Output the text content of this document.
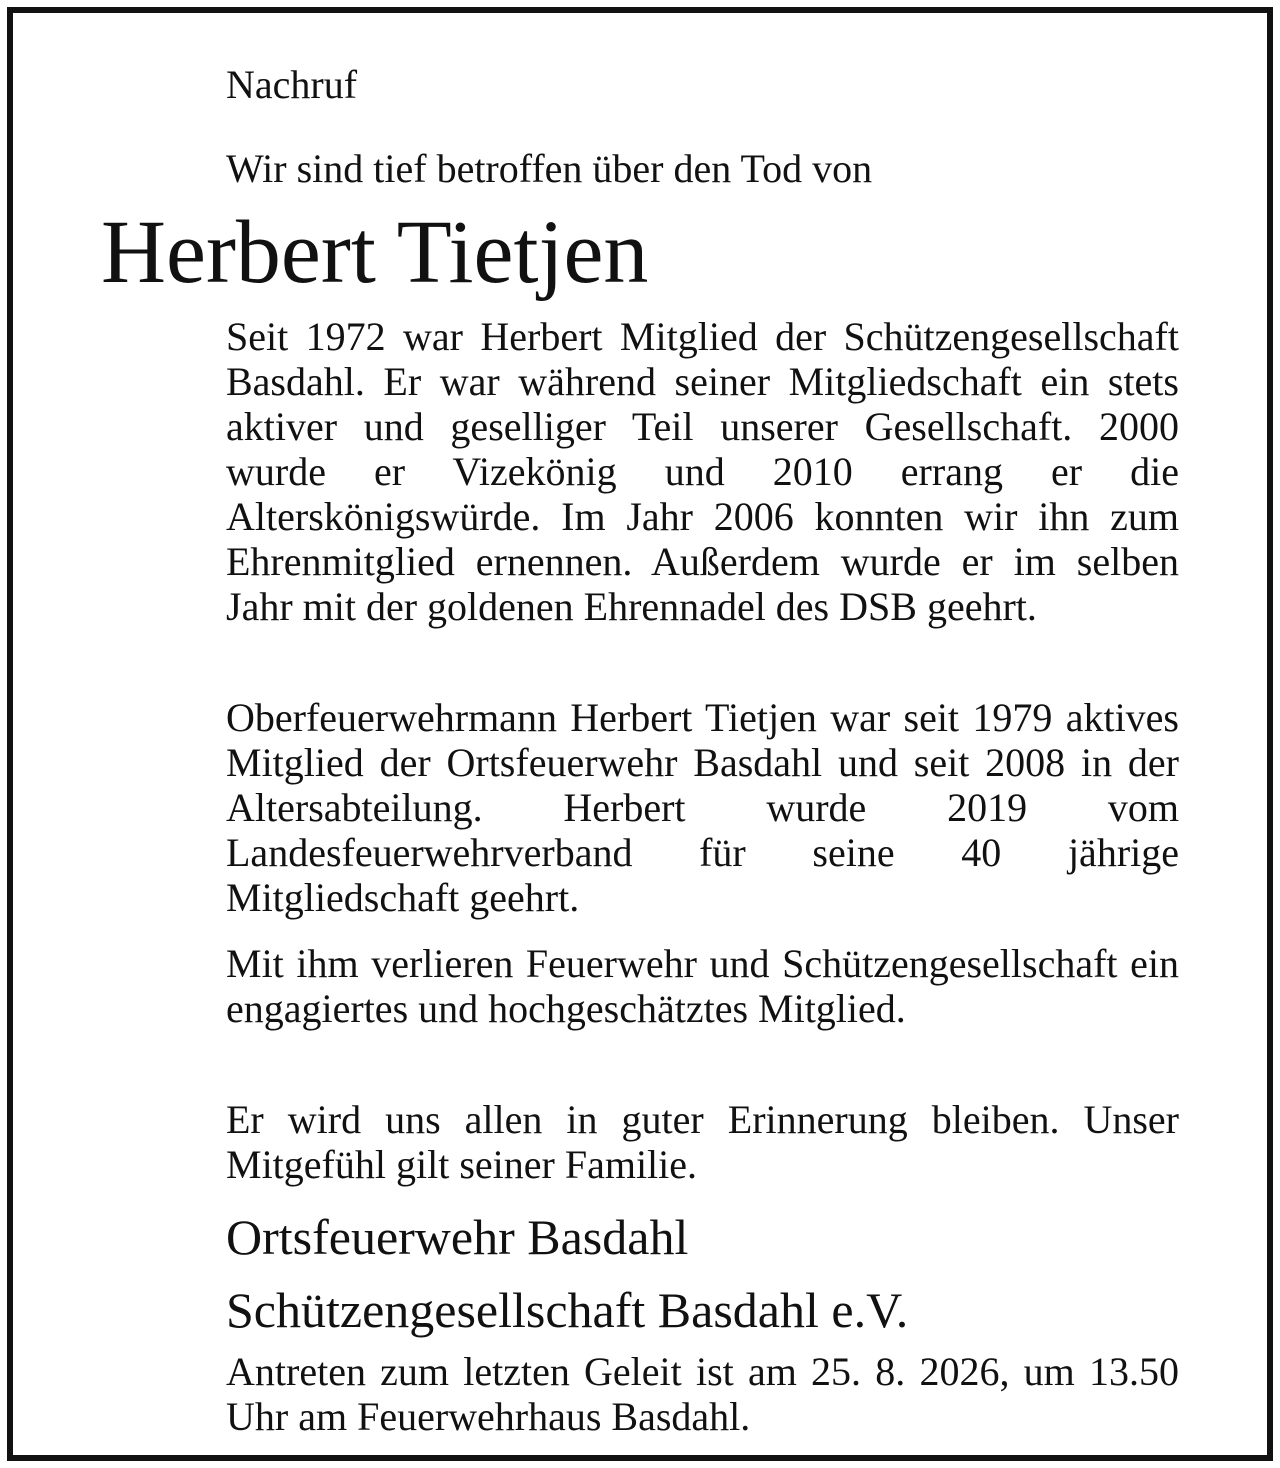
Nachruf
Wir sind tief betroffen über den Tod von
Herbert Tietjen

Seit 1972 war Herbert Mitglied der Schützengesellschaft Basdahl. Er war während seiner Mitgliedschaft ein stets aktiver und geselliger Teil unserer Gesellschaft. 2000 wurde er Vizekönig und 2010 errang er die Alterskönigswürde. Im Jahr 2006 konnten wir ihn zum Ehrenmitglied ernennen. Außerdem wurde er im selben Jahr mit der goldenen Ehrennadel des DSB geehrt.

Oberfeuerwehrmann Herbert Tietjen war seit 1979 aktives Mitglied der Ortsfeuerwehr Basdahl und seit 2008 in der Altersabteilung. Herbert wurde 2019 vom Landesfeuerwehrverband für seine 40 jährige Mitgliedschaft geehrt.

Mit ihm verlieren Feuerwehr und Schützengesellschaft ein engagiertes und hochgeschätztes Mitglied.

Er wird uns allen in guter Erinnerung bleiben. Unser Mitgefühl gilt seiner Familie.

Ortsfeuerwehr Basdahl
Schützengesellschaft Basdahl e.V.

Antreten zum letzten Geleit ist am 25. 8. 2026, um 13.50 Uhr am Feuerwehrhaus Basdahl.
